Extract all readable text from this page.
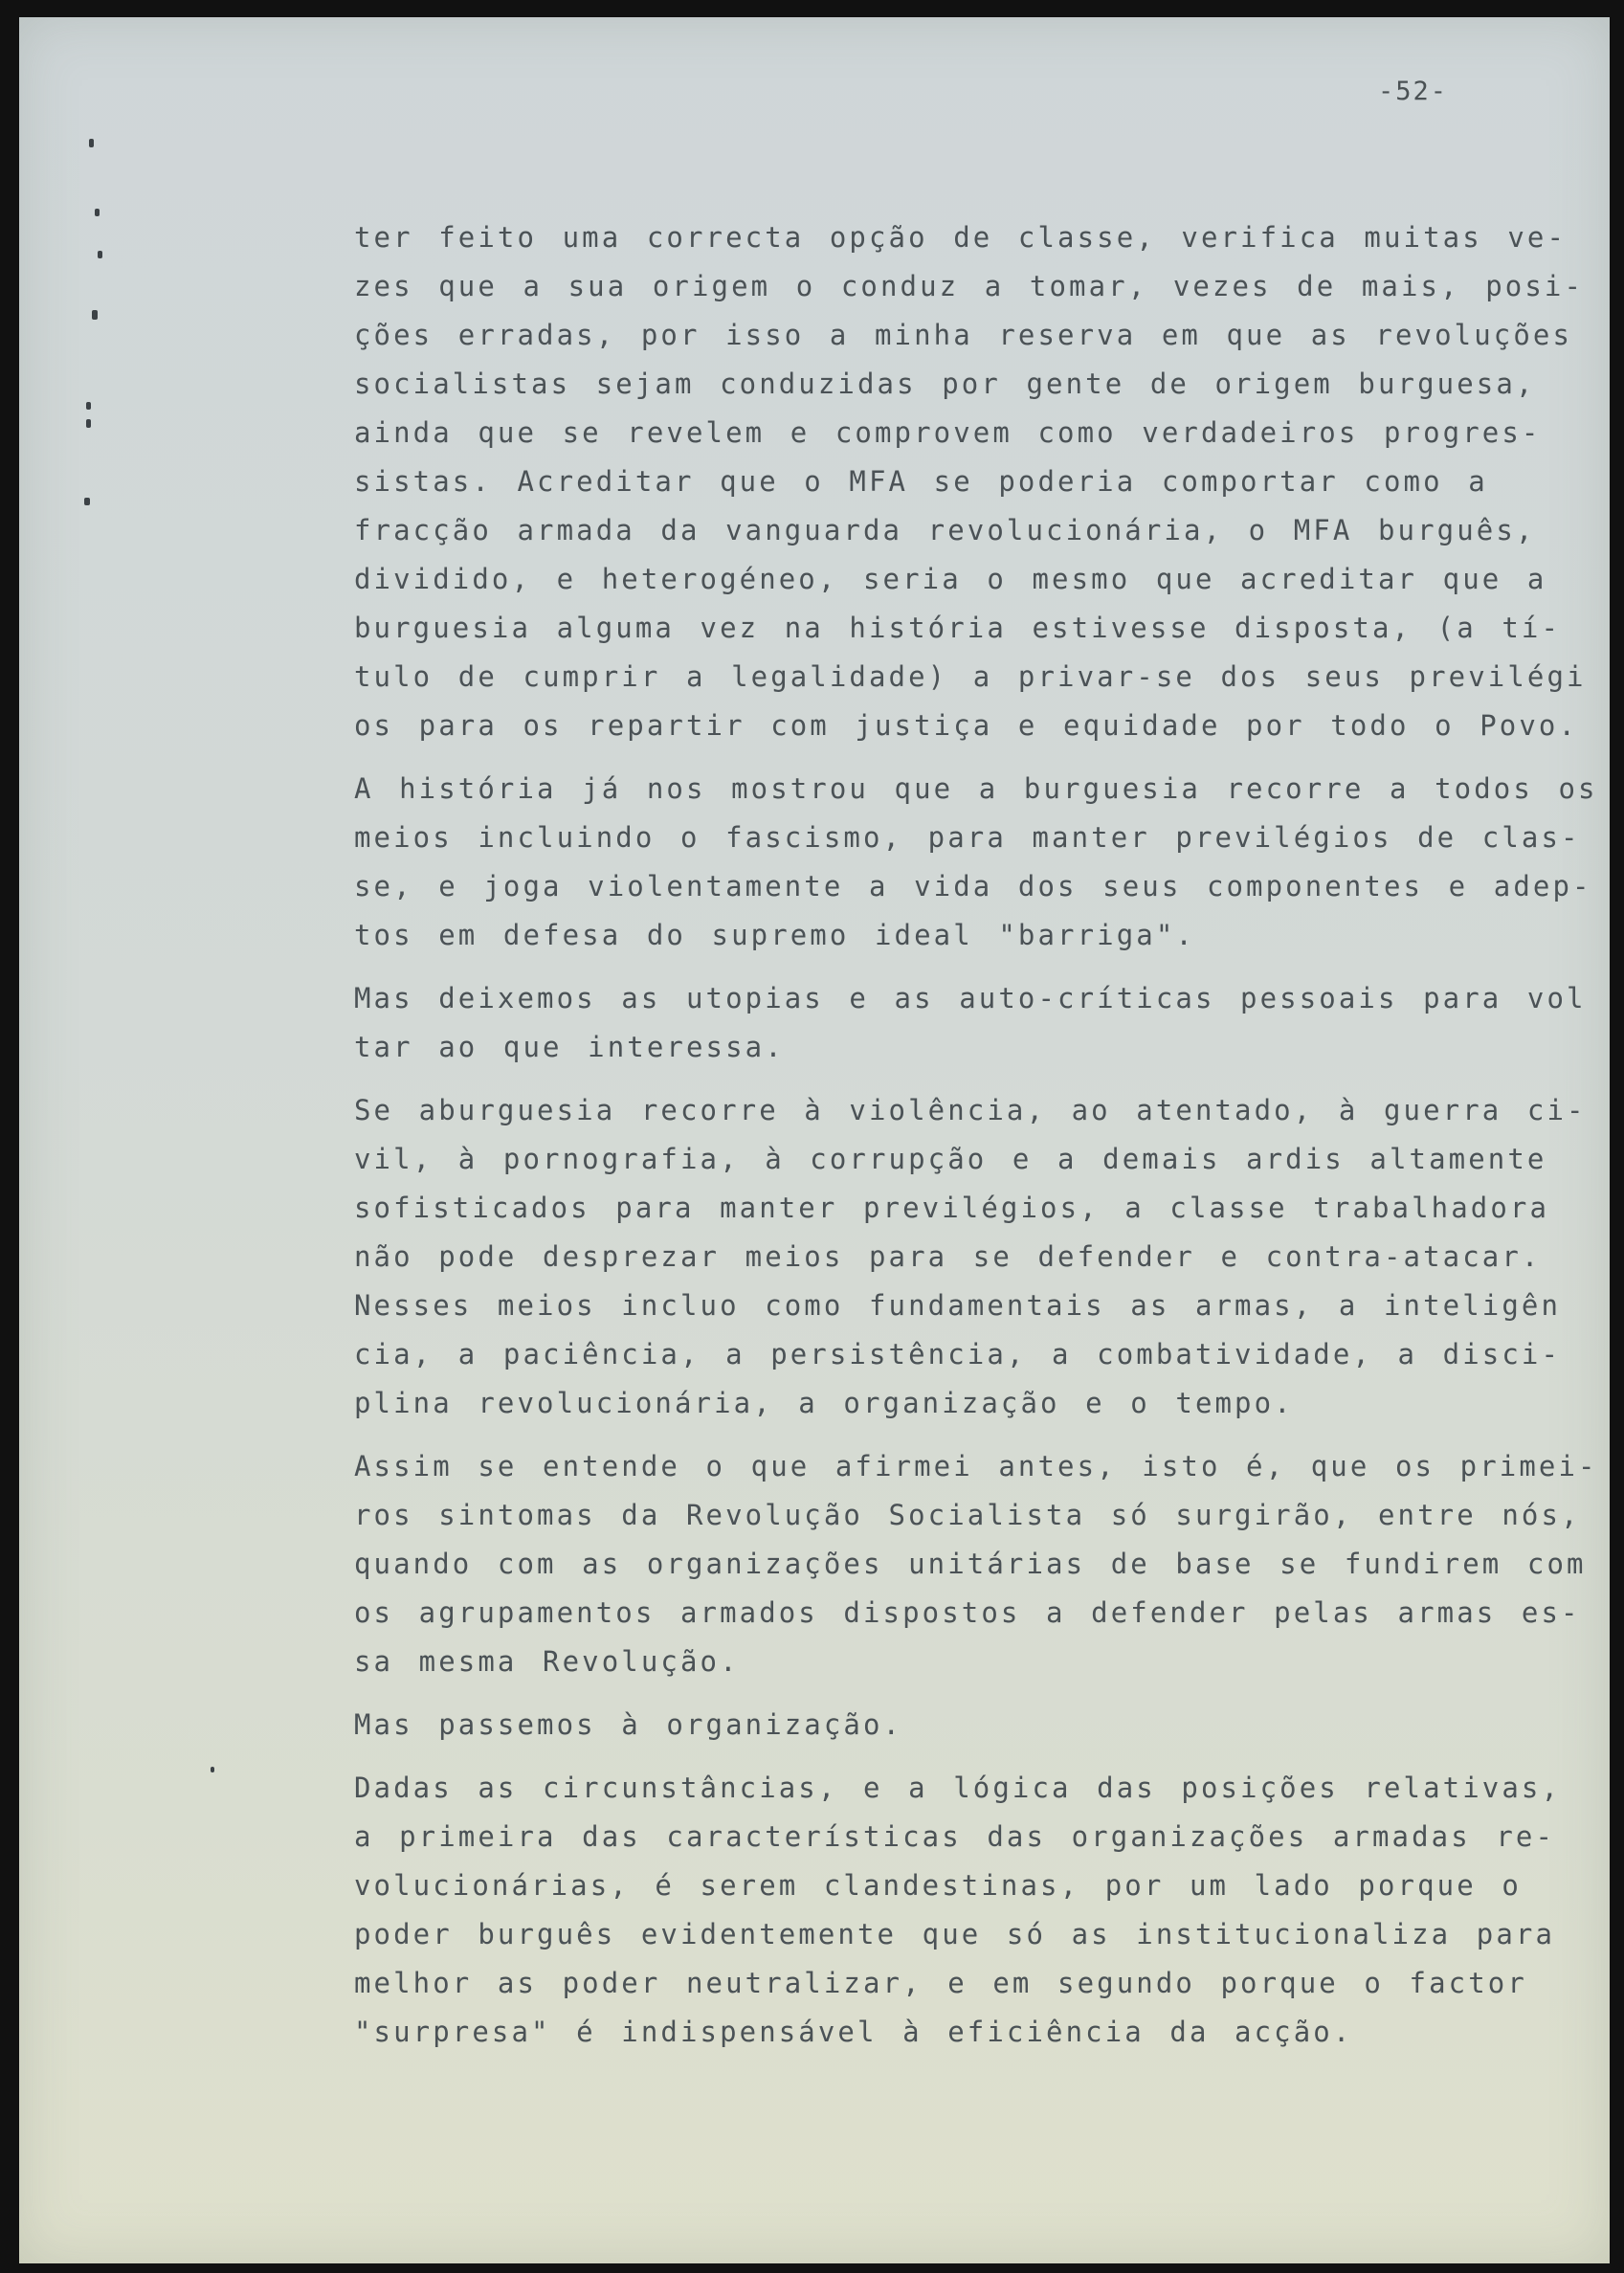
-52-
ter feito uma correcta opção de classe, verifica muitas ve-
zes que a sua origem o conduz a tomar, vezes de mais, posi-
ções erradas, por isso a minha reserva em que as revoluções
socialistas sejam conduzidas por gente de origem burguesa,
ainda que se revelem e comprovem como verdadeiros progres-
sistas. Acreditar que o MFA se poderia comportar como a
fracção armada da vanguarda revolucionária, o MFA burguês,
dividido, e heterogéneo, seria o mesmo que acreditar que a
burguesia alguma vez na história estivesse disposta, (a tí-
tulo de cumprir a legalidade) a privar-se dos seus previlégi
os para os repartir com justiça e equidade por todo o Povo.
A história já nos mostrou que a burguesia recorre a todos os
meios incluindo o fascismo, para manter previlégios de clas-
se, e joga violentamente a vida dos seus componentes e adep-
tos em defesa do supremo ideal "barriga".
Mas deixemos as utopias e as auto-críticas pessoais para vol
tar ao que interessa.
Se aburguesia recorre à violência, ao atentado, à guerra ci-
vil, à pornografia, à corrupção e a demais ardis altamente
sofisticados para manter previlégios, a classe trabalhadora
não pode desprezar meios para se defender e contra-atacar.
Nesses meios incluo como fundamentais as armas, a inteligên
cia, a paciência, a persistência, a combatividade, a disci-
plina revolucionária, a organização e o tempo.
Assim se entende o que afirmei antes, isto é, que os primei-
ros sintomas da Revolução Socialista só surgirão, entre nós,
quando com as organizações unitárias de base se fundirem com
os agrupamentos armados dispostos a defender pelas armas es-
sa mesma Revolução.
Mas passemos à organização.
Dadas as circunstâncias, e a lógica das posições relativas,
a primeira das características das organizações armadas re-
volucionárias, é serem clandestinas, por um lado porque o
poder burguês evidentemente que só as institucionaliza para
melhor as poder neutralizar, e em segundo porque o factor
"surpresa" é indispensável à eficiência da acção.
